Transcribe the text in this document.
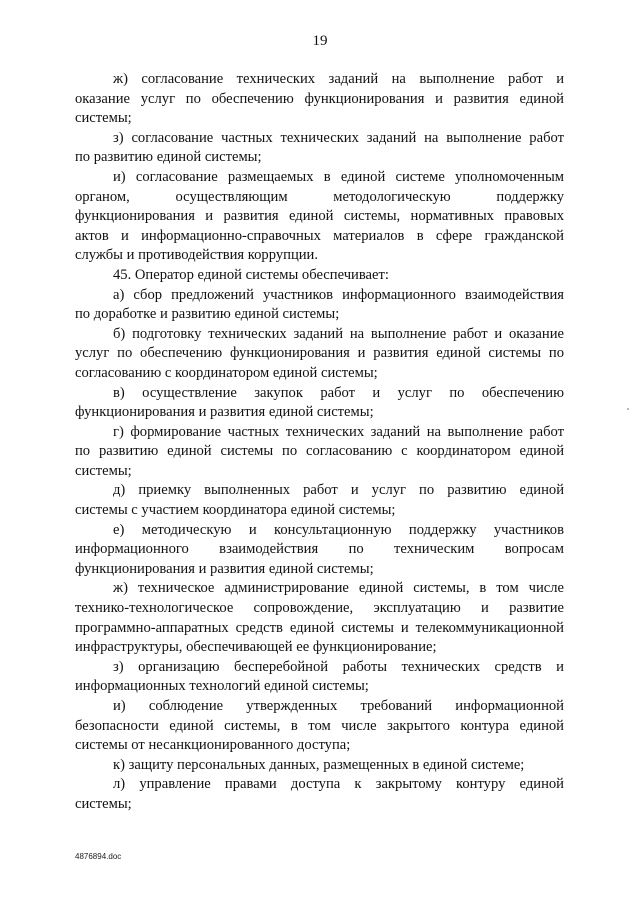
19

ж) согласование технических заданий на выполнение работ и
оказание услуг по обеспечению функционирования и развития единой
системы;

з) согласование частных технических заданий на выполнение работ
по развитию единой системы;

и) согласование размещаемых в единой системе уполномоченным
органом, осуществляющим методологическую поддержку
функционирования и развития единой системы, нормативных правовых
актов и информационно-справочных материалов в сфере гражданской
службы и противодействия коррупции.

45. Оператор единой системы обеспечивает:

а) сбор предложений участников информационного взаимодействия
по доработке и развитию единой системы;

б) подготовку технических заданий на выполнение работ и оказание
услуг по обеспечению функционирования и развития единой системы по
согласованию с координатором единой системы;

в) осуществление закупок работ и услуг по обеспечению
функционирования и развития единой системы;

г) формирование частных технических заданий на выполнение работ
по развитию единой системы по согласованию с координатором единой
системы;

д) приемку выполненных работ и услуг по развитию единой
системы с участием координатора единой системы;

е) методическую и консультационную поддержку участников
информационного взаимодействия по техническим вопросам
функционирования и развития единой системы;

ж) техническое администрирование единой системы, в том числе
технико-технологическое сопровождение, эксплуатацию и развитие
программно-аппаратных средств единой системы и телекоммуникационной
инфраструктуры, обеспечивающей ее функционирование;

з) организацию бесперебойной работы технических средств и
информационных технологий единой системы;

и) соблюдение утвержденных требований информационной
безопасности единой системы, в том числе закрытого контура единой
системы от несанкционированного доступа;

к) защиту персональных данных, размещенных в единой системе;

л) управление правами доступа к закрытому контуру единой
системы;

4876894.doc
